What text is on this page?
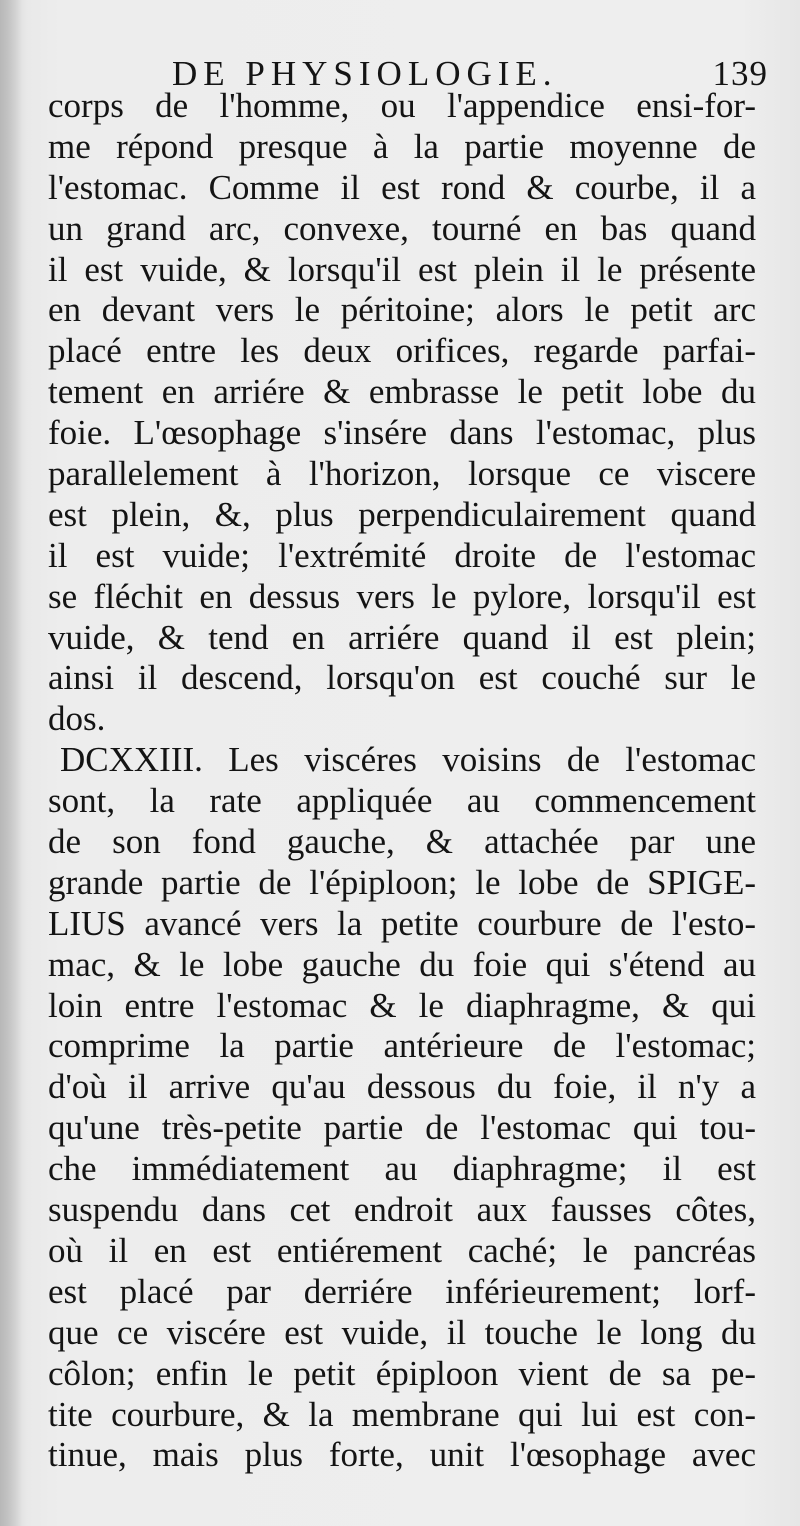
DE PHYSIOLOGIE.	139
corps de l'homme, ou l'appendice ensi-for-
me répond presque à la partie moyenne de
l'estomac. Comme il est rond & courbe, il a
un grand arc, convexe, tourné en bas quand
il est vuide, & lorsqu'il est plein il le présente
en devant vers le péritoine; alors le petit arc
placé entre les deux orifices, regarde parfai-
tement en arriére & embrasse le petit lobe du
foie. L'œsophage s'insére dans l'estomac, plus
parallelement à l'horizon, lorsque ce viscere
est plein, &, plus perpendiculairement quand
il est vuide; l'extrémité droite de l'estomac
se fléchit en dessus vers le pylore, lorsqu'il est
vuide, & tend en arriére quand il est plein;
ainsi il descend, lorsqu'on est couché sur le
dos.
DCXXIII. Les viscéres voisins de l'estomac
sont, la rate appliquée au commencement
de son fond gauche, & attachée par une
grande partie de l'épiploon; le lobe de SPIGE-
LIUS avancé vers la petite courbure de l'esto-
mac, & le lobe gauche du foie qui s'étend au
loin entre l'estomac & le diaphragme, & qui
comprime la partie antérieure de l'estomac;
d'où il arrive qu'au dessous du foie, il n'y a
qu'une très-petite partie de l'estomac qui tou-
che immédiatement au diaphragme; il est
suspendu dans cet endroit aux fausses côtes,
où il en est entiérement caché; le pancréas
est placé par derriére inférieurement; lorf-
que ce viscére est vuide, il touche le long du
côlon; enfin le petit épiploon vient de sa pe-
tite courbure, & la membrane qui lui est con-
tinue, mais plus forte, unit l'œsophage avec
